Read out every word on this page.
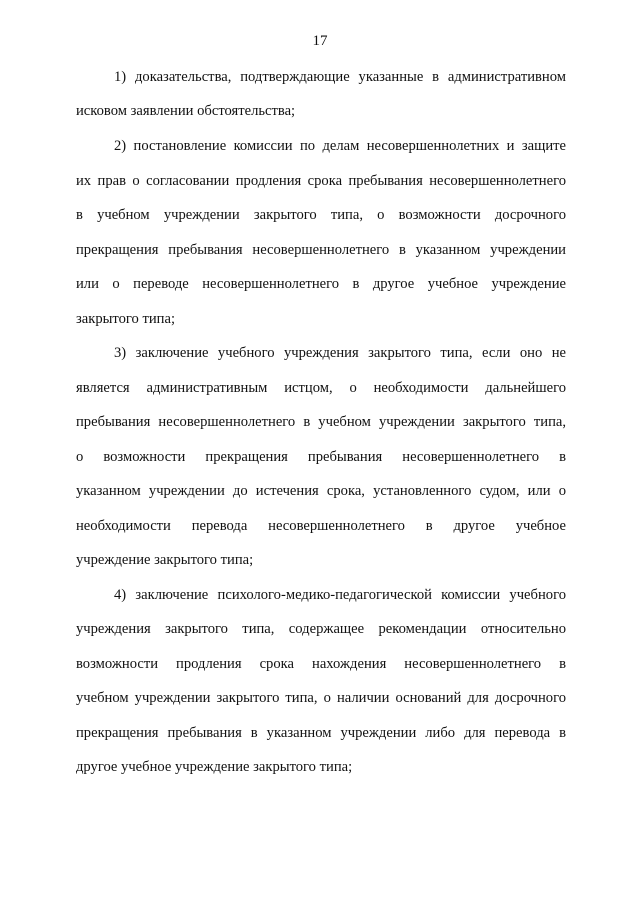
17
1) доказательства, подтверждающие указанные в административном
исковом заявлении обстоятельства;
2) постановление комиссии по делам несовершеннолетних и защите
их прав о согласовании продления срока пребывания несовершеннолетнего
в учебном учреждении закрытого типа, о возможности досрочного
прекращения пребывания несовершеннолетнего в указанном учреждении
или о переводе несовершеннолетнего в другое учебное учреждение
закрытого типа;
3) заключение учебного учреждения закрытого типа, если оно не
является административным истцом, о необходимости дальнейшего
пребывания несовершеннолетнего в учебном учреждении закрытого типа,
о возможности прекращения пребывания несовершеннолетнего в
указанном учреждении до истечения срока, установленного судом, или о
необходимости перевода несовершеннолетнего в другое учебное
учреждение закрытого типа;
4) заключение психолого-медико-педагогической комиссии учебного
учреждения закрытого типа, содержащее рекомендации относительно
возможности продления срока нахождения несовершеннолетнего в
учебном учреждении закрытого типа, о наличии оснований для досрочного
прекращения пребывания в указанном учреждении либо для перевода в
другое учебное учреждение закрытого типа;
